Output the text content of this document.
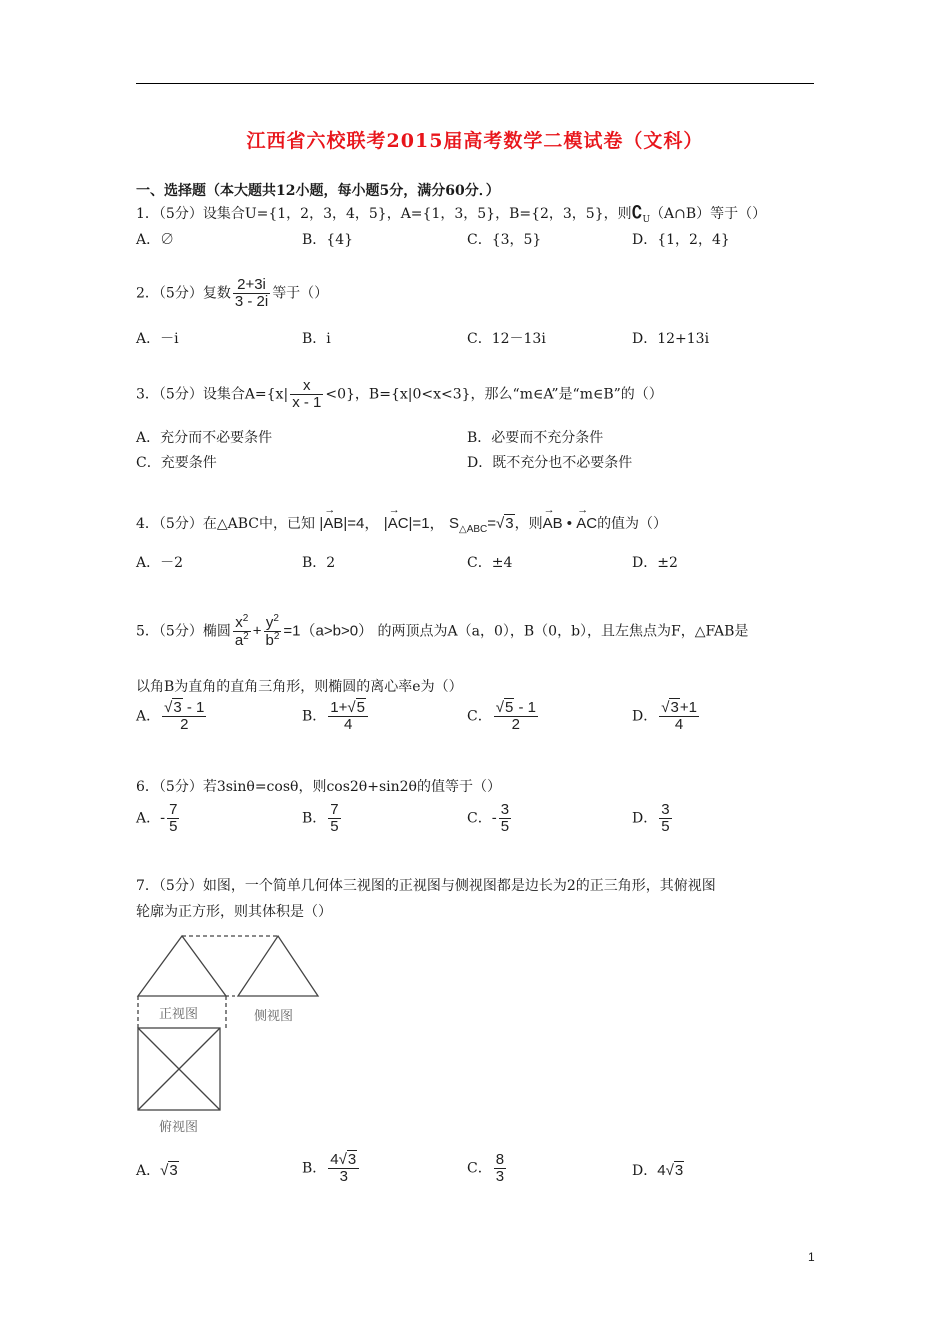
江西省六校联考2015届高考数学二模试卷（文科）
一、选择题（本大题共12小题，每小题5分，满分60分．）
1．（5分）设集合U={1，2，3，4，5}，A={1，3，5}，B={2，3，5}，则$∁_U(A\cap B)$等于（）
A．∅	B．{4}	C．{3，5}	D．{1，2，4}
2．（5分）复数 $\frac{2+3i}{3 - 2i}$ 等于（）
A．－i	B．i	C．12－13i	D．12+13i
3．（5分）设集合$A=\{x| \frac{x}{x - 1} <0\}$，B={x|0<x<3}，那么“m∈A”是“m∈B”的（）
A．充分而不必要条件	B．必要而不充分条件
C．充要条件	D．既不充分也不必要条件
4．（5分）在△ABC中，已知 |→ AB|=4， |→ AC|=1， $S_{\triangle ABC}=√3$，则→ AB • → AC的值为（）
A．－2	B．2	C．±4	D．±2
5．（5分）椭圆 $\frac{x^2}{a^2} + \frac{y^2}{b^2} =1(a>b>0)$ 的两顶点为A（a，0），B（0，b），且左焦点为F，△FAB是
以角B为直角的直角三角形，则椭圆的离心率e为（）
A． $\frac{√3 - 1}{2}$	B． $\frac{1+√5}{4}$	C． $\frac{√5 - 1}{2}$	D． $\frac{√3+1}{4}$
6．（5分）若3sinθ=cosθ，则cos2θ+sin2θ的值等于（）
A．- $\frac{7}{5}$	B． $\frac{7}{5}$	C．- $\frac{3}{5}$	D． $\frac{3}{5}$
7．（5分）如图，一个简单几何体三视图的正视图与侧视图都是边长为2的正三角形，其俯视图
轮廓为正方形，则其体积是（）
正视图	侧视图
俯视图
A．√3	B． $\frac{4√3}{3}$	C． $\frac{8}{3}$	D．4√3
1
